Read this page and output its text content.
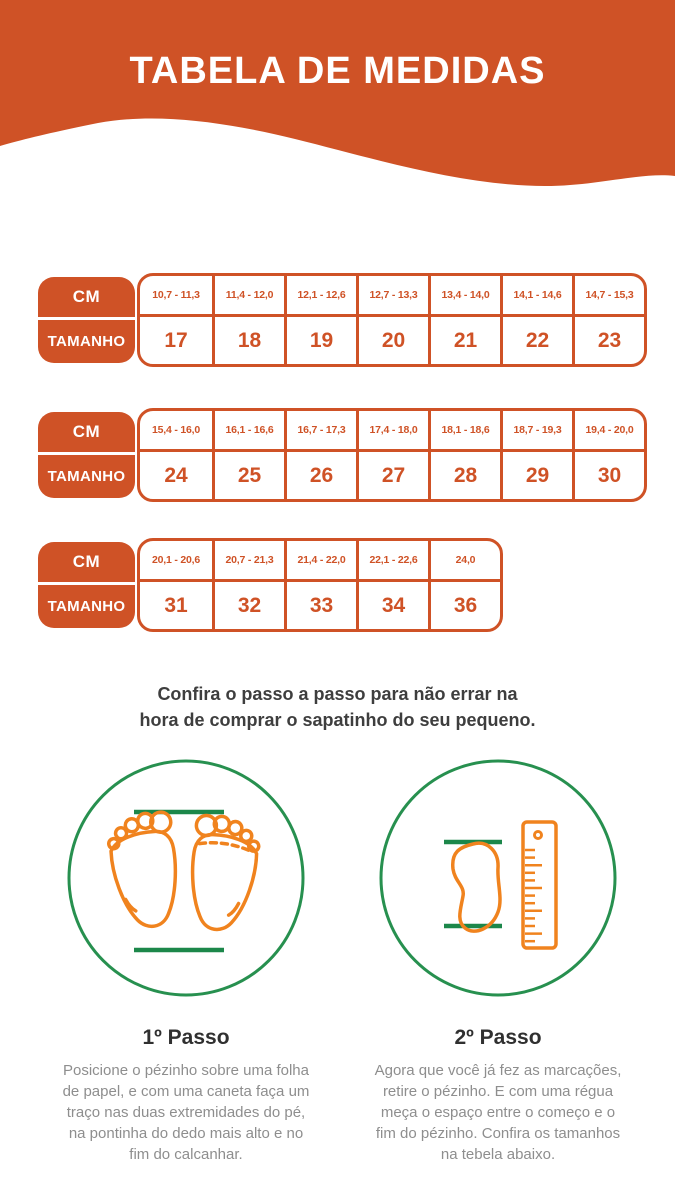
TABELA DE MEDIDAS
CM
TAMANHO
10,7 - 11,3
17
11,4 - 12,0
18
12,1 - 12,6
19
12,7 - 13,3
20
13,4 - 14,0
21
14,1 - 14,6
22
14,7 - 15,3
23
CM
TAMANHO
15,4 - 16,0
24
16,1 - 16,6
25
16,7 - 17,3
26
17,4 - 18,0
27
18,1 - 18,6
28
18,7 - 19,3
29
19,4 - 20,0
30
CM
TAMANHO
20,1 - 20,6
31
20,7 - 21,3
32
21,4 - 22,0
33
22,1 - 22,6
34
24,0
36
Confira o passo a passo para não errar na
hora de comprar o sapatinho do seu pequeno.
1º Passo
Posicione o pézinho sobre uma folha
de papel, e com uma caneta faça um
traço nas duas extremidades do pé,
na pontinha do dedo mais alto e no
fim do calcanhar.
2º Passo
Agora que você já fez as marcações,
retire o pézinho. E com uma régua
meça o espaço entre o começo e o
fim do pézinho. Confira os tamanhos
na tebela abaixo.
